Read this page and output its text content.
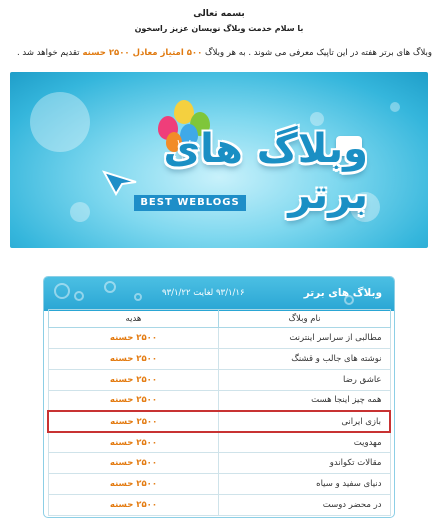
بسمه تعالی
با سلام خدمت وبلاگ نویسان عزیز راسخون
وبلاگ های برتر هفته در این تاپیک معرفی می شوند . به هر وبلاگ ۵۰۰ امتیاز معادل ۲۵۰۰ حسنه تقدیم خواهد شد .
وبلاگ های برتر
BEST WEBLOGS
وبلاگ های برتر
۹۳/۱/۱۶ لغایت ۹۳/۱/۲۲
نام وبلاگ	هدیه
مطالبی از سراسر اینترنت	۲۵۰۰ حسنه
نوشته های جالب و قشنگ	۲۵۰۰ حسنه
عاشق رضا	۲۵۰۰ حسنه
همه چیز اینجا هست	۲۵۰۰ حسنه
بازی ایرانی	۲۵۰۰ حسنه
مهدویت	۲۵۰۰ حسنه
مقالات تکواندو	۲۵۰۰ حسنه
دنیای سفید و سیاه	۲۵۰۰ حسنه
در محضر دوست	۲۵۰۰ حسنه
